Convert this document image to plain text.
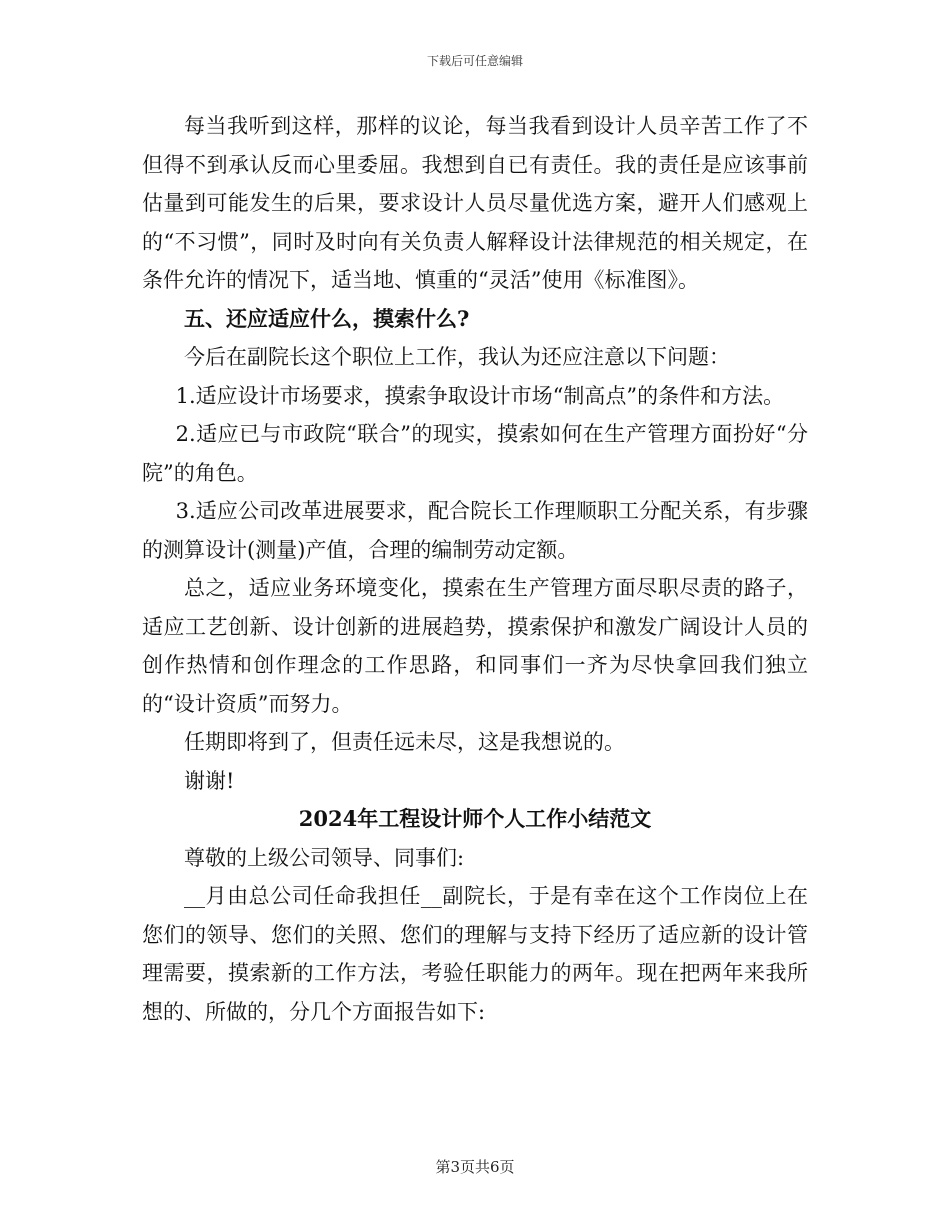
下载后可任意编辑

每当我听到这样，那样的议论，每当我看到设计人员辛苦工作了不但得不到承认反而心里委屈。我想到自已有责任。我的责任是应该事前估量到可能发生的后果，要求设计人员尽量优选方案，避开人们感观上的“不习惯”，同时及时向有关负责人解释设计法律规范的相关规定，在条件允许的情况下，适当地、慎重的“灵活”使用《标准图》。

五、还应适应什么，摸索什么?

今后在副院长这个职位上工作，我认为还应注意以下问题：

1.适应设计市场要求，摸索争取设计市场“制高点”的条件和方法。

2.适应已与市政院“联合”的现实，摸索如何在生产管理方面扮好“分院”的角色。

3.适应公司改革进展要求，配合院长工作理顺职工分配关系，有步骤的测算设计(测量)产值，合理的编制劳动定额。

总之，适应业务环境变化，摸索在生产管理方面尽职尽责的路子，适应工艺创新、设计创新的进展趋势，摸索保护和激发广阔设计人员的创作热情和创作理念的工作思路，和同事们一齐为尽快拿回我们独立的“设计资质”而努力。

任期即将到了，但责任远未尽，这是我想说的。

谢谢!

2024年工程设计师个人工作小结范文

尊敬的上级公司领导、同事们:

__月由总公司任命我担任__副院长，于是有幸在这个工作岗位上在您们的领导、您们的关照、您们的理解与支持下经历了适应新的设计管理需要，摸索新的工作方法，考验任职能力的两年。现在把两年来我所想的、所做的，分几个方面报告如下:

第3页共6页
